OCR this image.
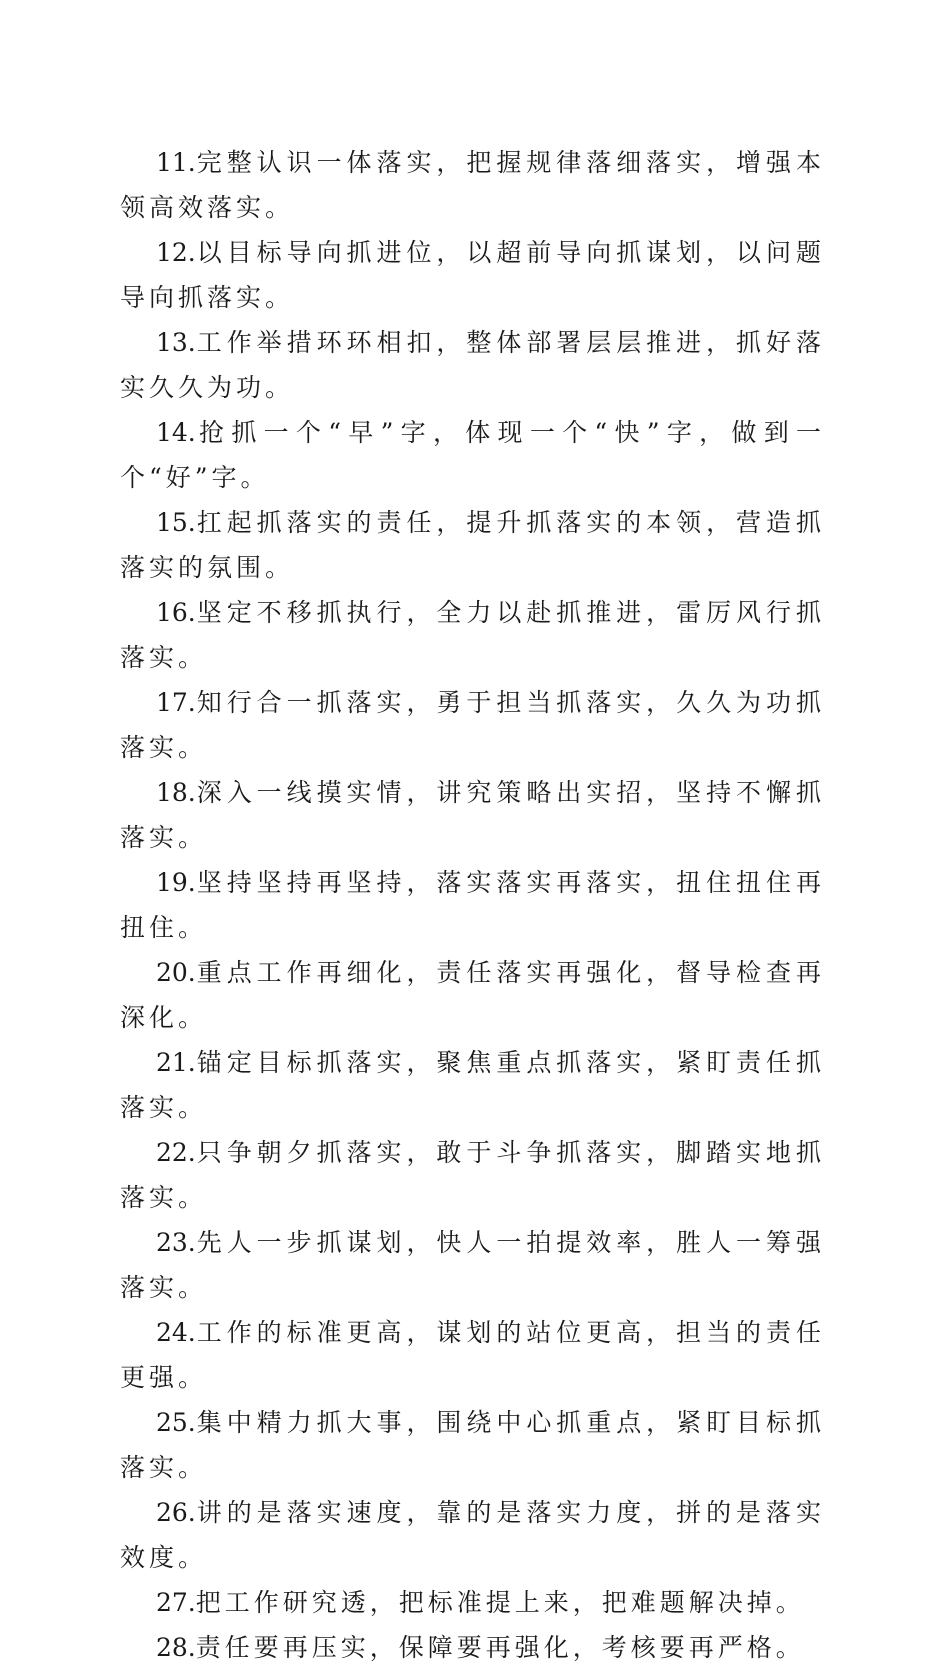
11.完整认识一体落实，把握规律落细落实，增强本领高效落实。

12.以目标导向抓进位，以超前导向抓谋划，以问题导向抓落实。

13.工作举措环环相扣，整体部署层层推进，抓好落实久久为功。

14.抢抓一个“早”字，体现一个“快”字，做到一个“好”字。

15.扛起抓落实的责任，提升抓落实的本领，营造抓落实的氛围。

16.坚定不移抓执行，全力以赴抓推进，雷厉风行抓落实。

17.知行合一抓落实，勇于担当抓落实，久久为功抓落实。

18.深入一线摸实情，讲究策略出实招，坚持不懈抓落实。

19.坚持坚持再坚持，落实落实再落实，扭住扭住再扭住。

20.重点工作再细化，责任落实再强化，督导检查再深化。

21.锚定目标抓落实，聚焦重点抓落实，紧盯责任抓落实。

22.只争朝夕抓落实，敢于斗争抓落实，脚踏实地抓落实。

23.先人一步抓谋划，快人一拍提效率，胜人一筹强落实。

24.工作的标准更高，谋划的站位更高，担当的责任更强。

25.集中精力抓大事，围绕中心抓重点，紧盯目标抓落实。

26.讲的是落实速度，靠的是落实力度，拼的是落实效度。

27.把工作研究透，把标准提上来，把难题解决掉。

28.责任要再压实，保障要再强化，考核要再严格。
